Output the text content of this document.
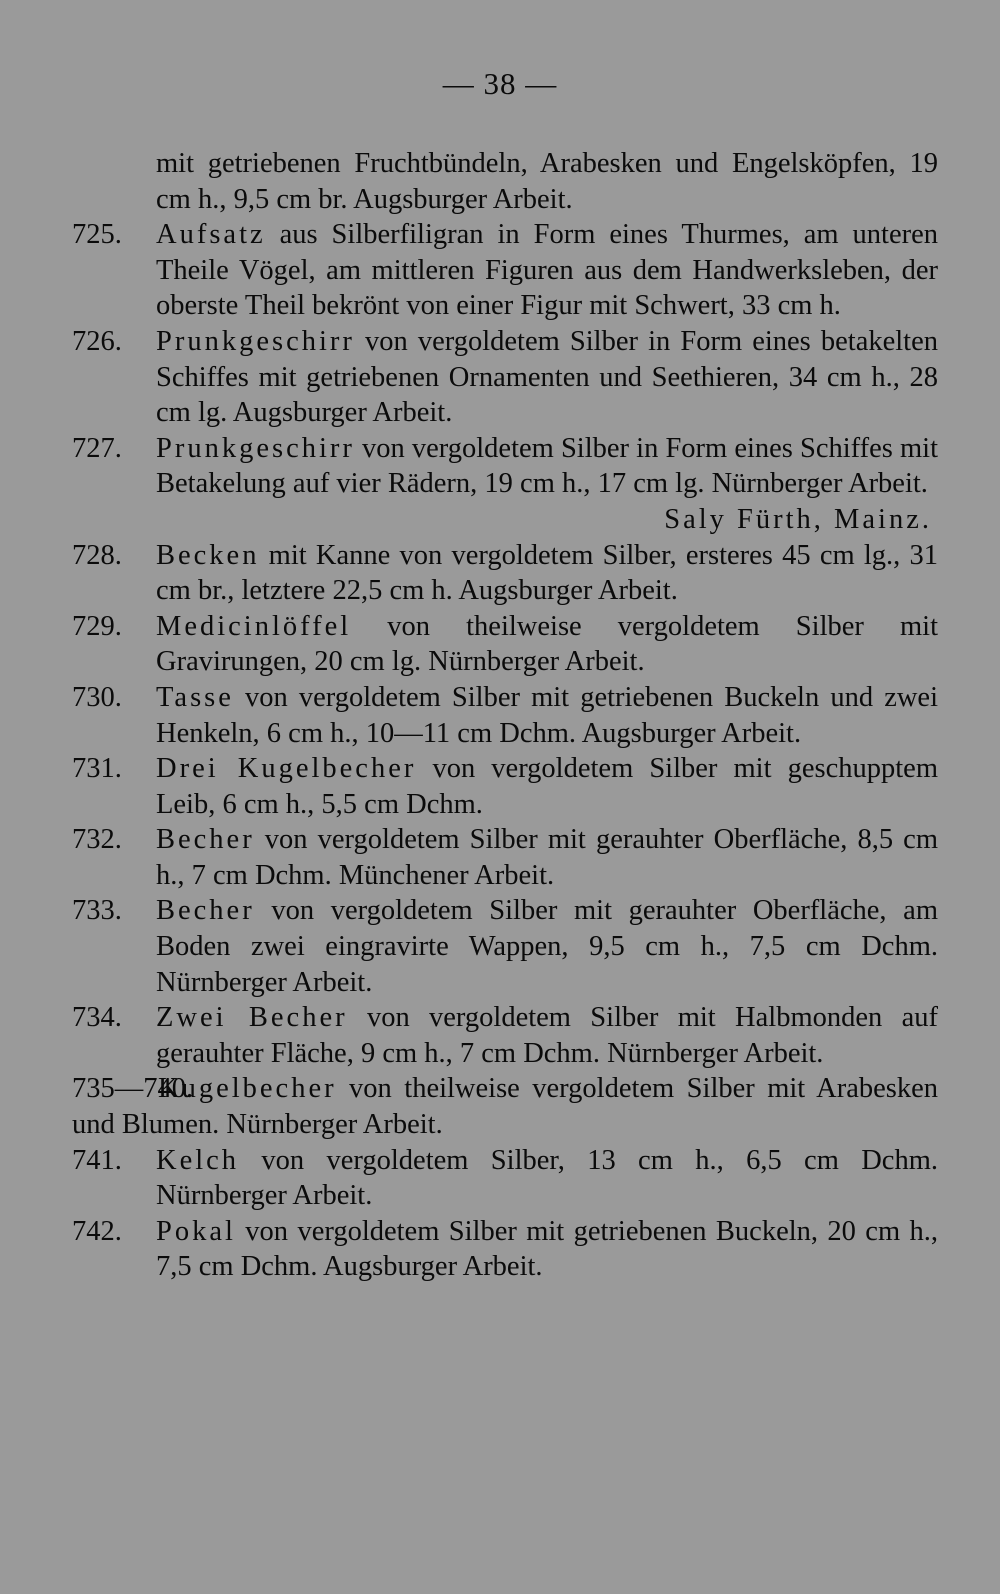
— 38 —
mit getriebenen Fruchtbündeln, Arabesken und Engelsköpfen, 19 cm h., 9,5 cm br. Augsburger Arbeit.
725. Aufsatz aus Silberfiligran in Form eines Thurmes, am unteren Theile Vögel, am mittleren Figuren aus dem Handwerksleben, der oberste Theil bekrönt von einer Figur mit Schwert, 33 cm h.
726. Prunkgeschirr von vergoldetem Silber in Form eines betakelten Schiffes mit getriebenen Ornamenten und Seethieren, 34 cm h., 28 cm lg. Augsburger Arbeit.
727. Prunkgeschirr von vergoldetem Silber in Form eines Schiffes mit Betakelung auf vier Rädern, 19 cm h., 17 cm lg. Nürnberger Arbeit.
Saly Fürth, Mainz.
728. Becken mit Kanne von vergoldetem Silber, ersteres 45 cm lg., 31 cm br., letztere 22,5 cm h. Augsburger Arbeit.
729. Medicinlöffel von theilweise vergoldetem Silber mit Gravirungen, 20 cm lg. Nürnberger Arbeit.
730. Tasse von vergoldetem Silber mit getriebenen Buckeln und zwei Henkeln, 6 cm h., 10—11 cm Dchm. Augsburger Arbeit.
731. Drei Kugelbecher von vergoldetem Silber mit geschupptem Leib, 6 cm h., 5,5 cm Dchm.
732. Becher von vergoldetem Silber mit gerauhter Oberfläche, 8,5 cm h., 7 cm Dchm. Münchener Arbeit.
733. Becher von vergoldetem Silber mit gerauhter Oberfläche, am Boden zwei eingravirte Wappen, 9,5 cm h., 7,5 cm Dchm. Nürnberger Arbeit.
734. Zwei Becher von vergoldetem Silber mit Halbmonden auf gerauhter Fläche, 9 cm h., 7 cm Dchm. Nürnberger Arbeit.
735—740.
Kugelbecher von theilweise vergoldetem Silber mit Arabesken und Blumen. Nürnberger Arbeit.
741. Kelch von vergoldetem Silber, 13 cm h., 6,5 cm Dchm. Nürnberger Arbeit.
742. Pokal von vergoldetem Silber mit getriebenen Buckeln, 20 cm h., 7,5 cm Dchm. Augsburger Arbeit.
